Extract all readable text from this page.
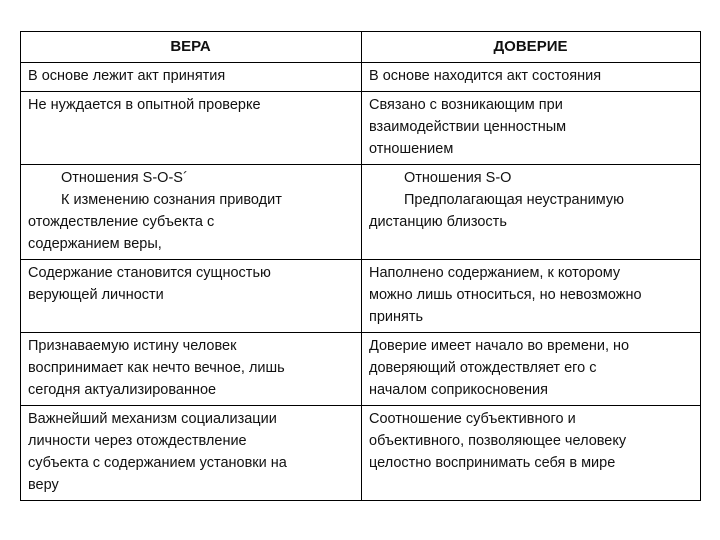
ВЕРА	ДОВЕРИЕ

В основе лежит акт принятия	В основе находится акт состояния

Не нуждается в опытной проверке	Связано с возникающим при
взаимодействии ценностным
отношением

Отношения S-O-S´
К изменению сознания приводит
отождествление субъекта с
содержанием веры,	Отношения S-O
Предполагающая неустранимую
дистанцию близость

Содержание становится сущностью
верующей личности	Наполнено содержанием, к которому
можно лишь относиться, но невозможно
принять

Признаваемую истину человек
воспринимает как нечто вечное, лишь
сегодня актуализированное	Доверие имеет начало во времени, но
доверяющий отождествляет его с
началом соприкосновения

Важнейший механизм социализации
личности через отождествление
субъекта с содержанием установки на
веру	Соотношение субъективного и
объективного, позволяющее человеку
целостно воспринимать себя в мире
